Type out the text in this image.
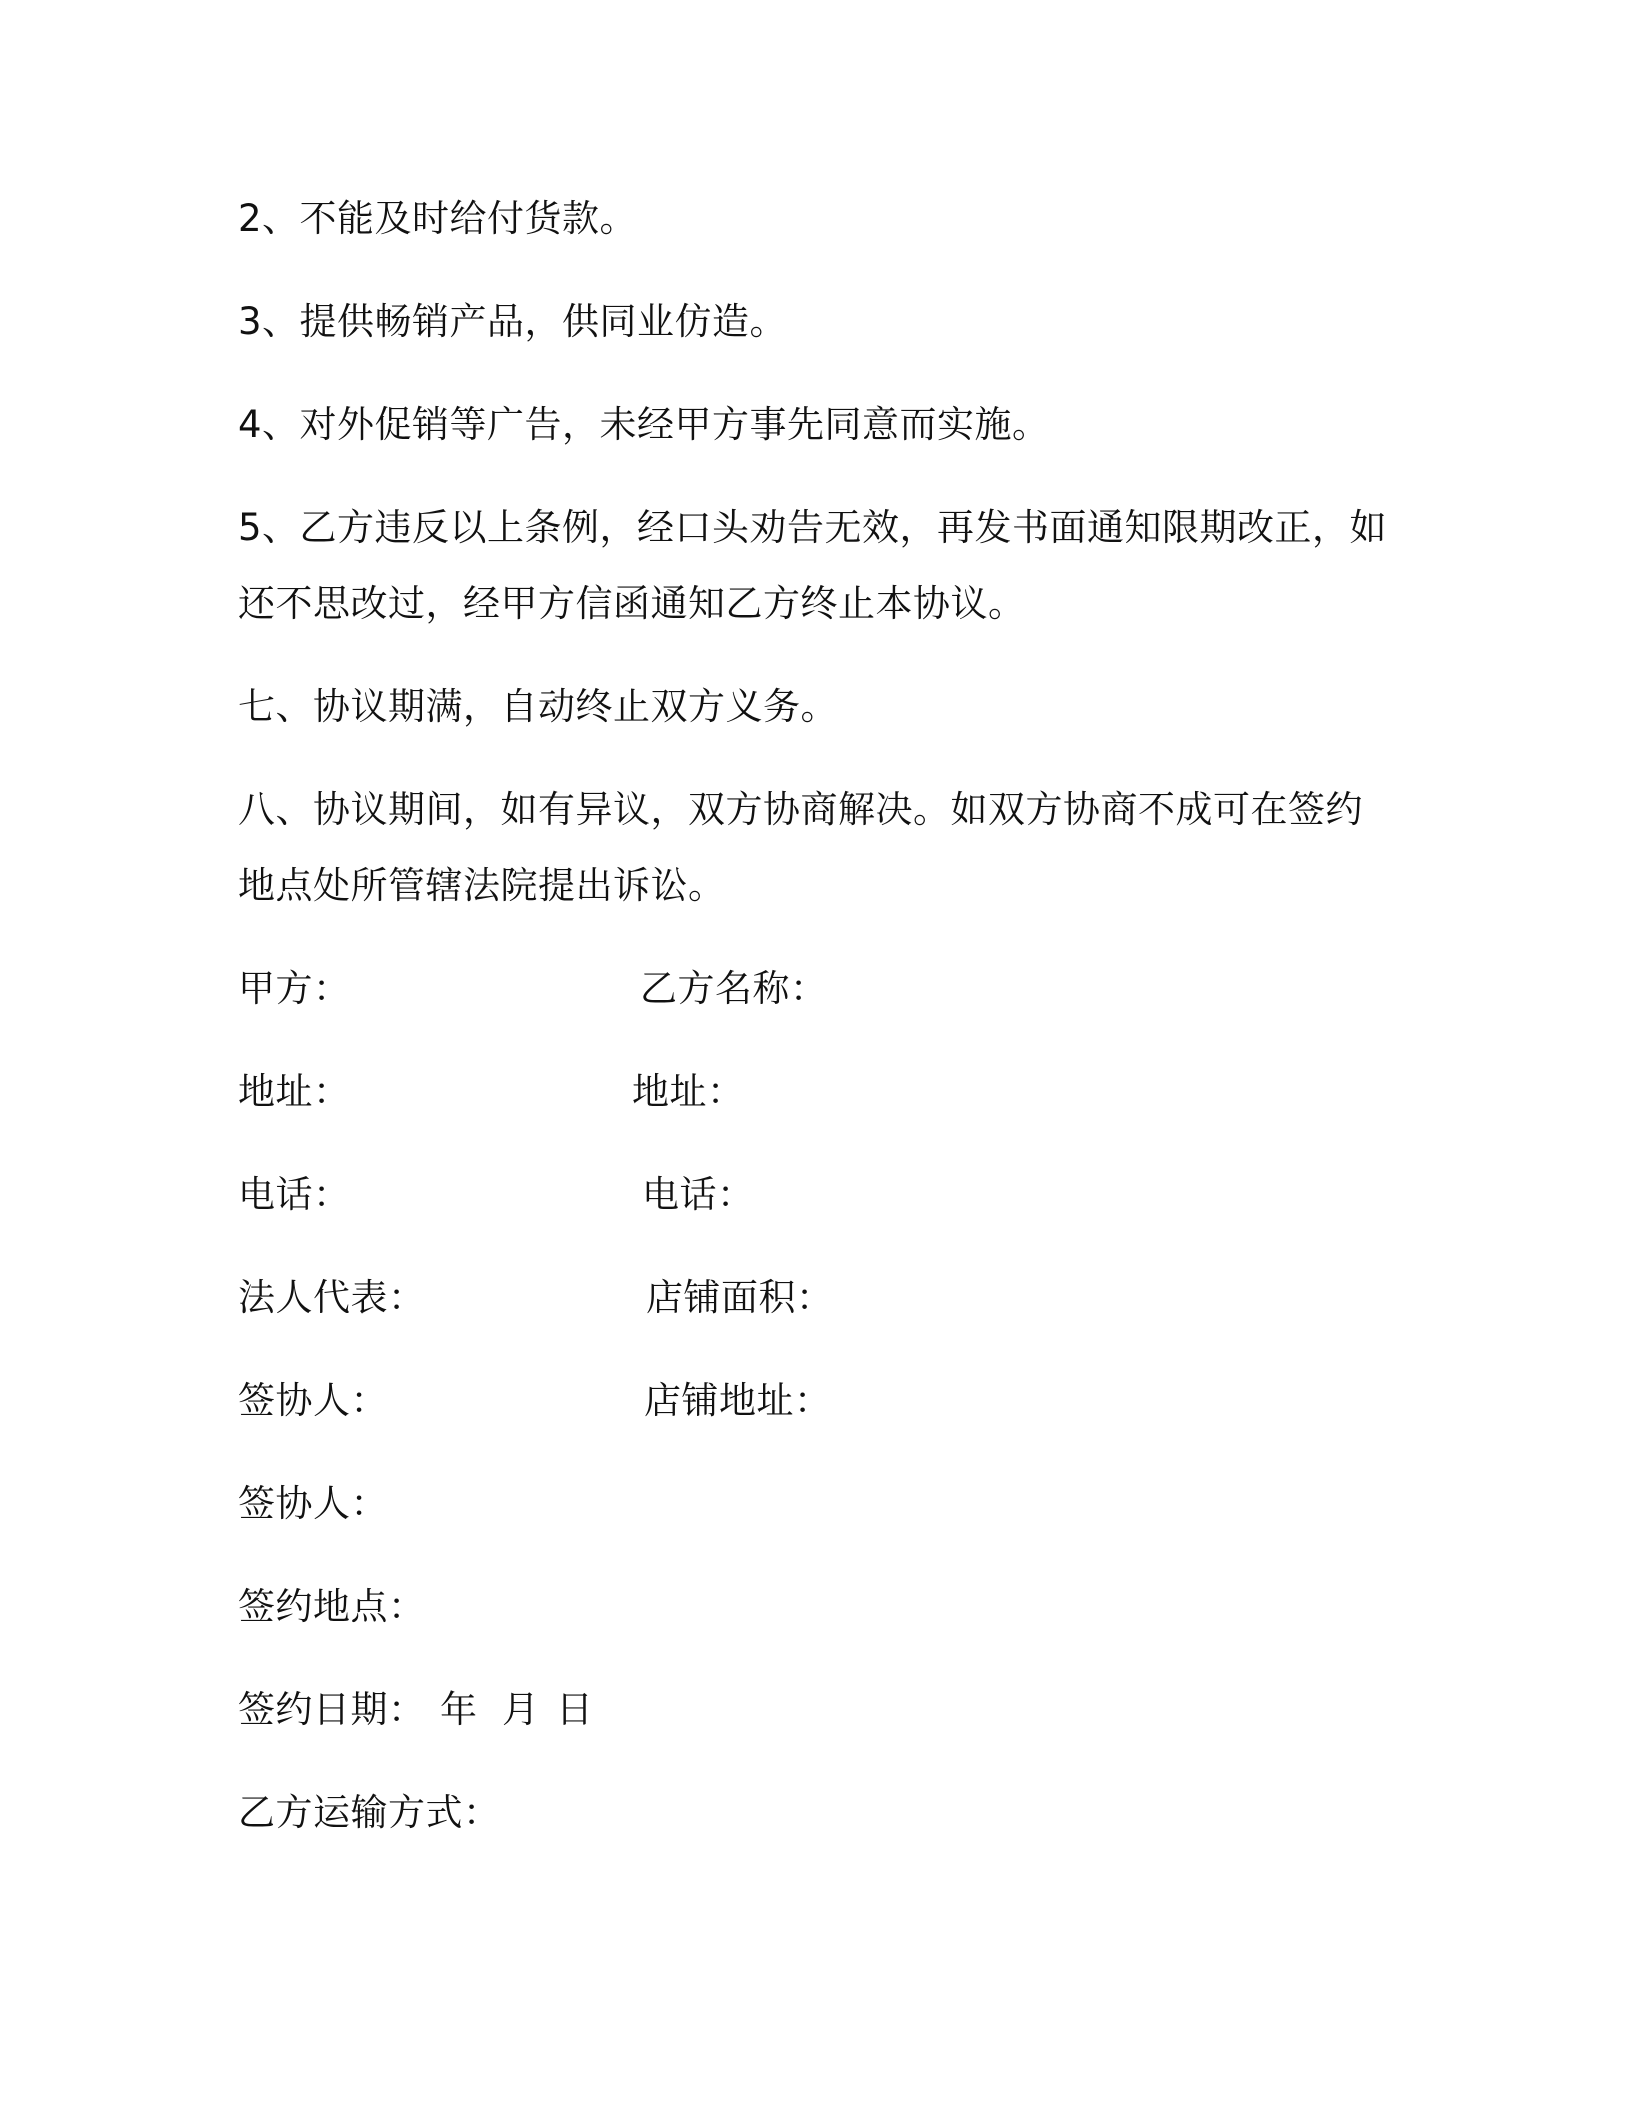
2、不能及时给付货款。
3、提供畅销产品，供同业仿造。
4、对外促销等广告，未经甲方事先同意而实施。
5、乙方违反以上条例，经口头劝告无效，再发书面通知限期改正，如
还不思改过，经甲方信函通知乙方终止本协议。
七、协议期满，自动终止双方义务。
八、协议期间，如有异议，双方协商解决。如双方协商不成可在签约
地点处所管辖法院提出诉讼。
甲方：	乙方名称：
地址：	地址：
电话：	电话：
法人代表：	店铺面积：
签协人：	店铺地址：
签协人：
签约地点：
签约日期： 年 月 日
乙方运输方式：
